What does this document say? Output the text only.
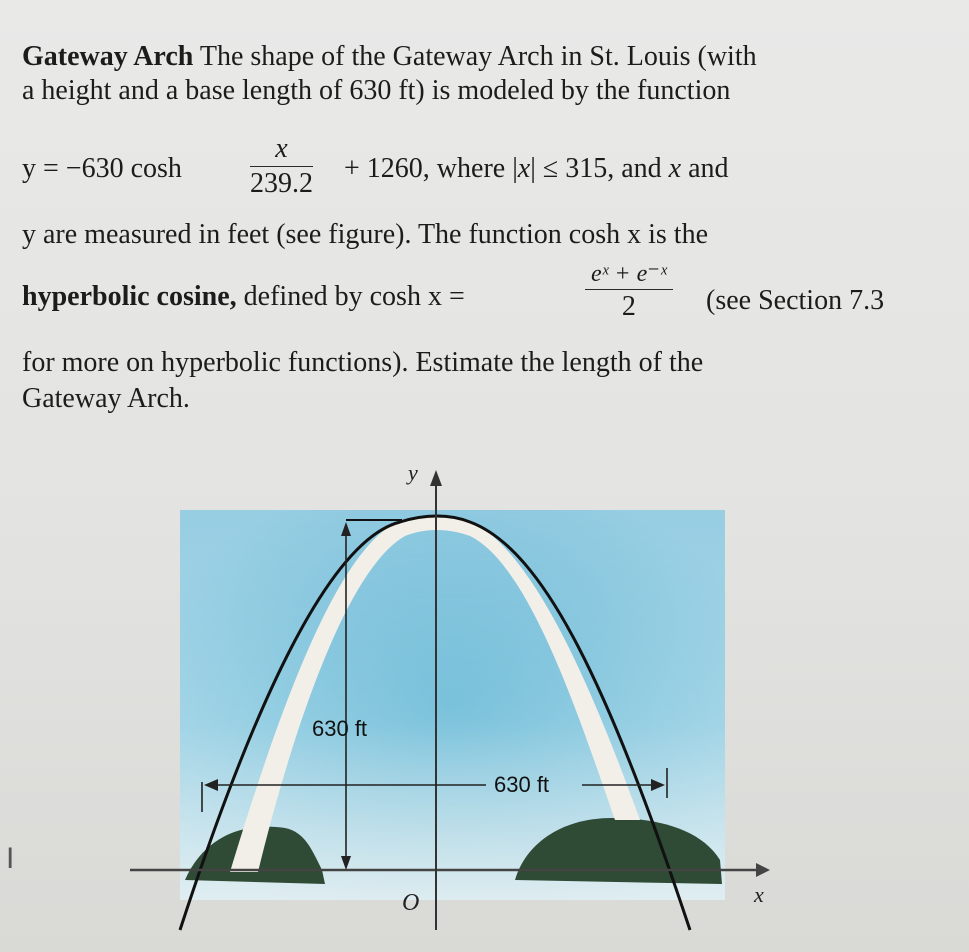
Gateway Arch The shape of the Gateway Arch in St. Louis (with
a height and a base length of 630 ft) is modeled by the function
y = −630 cosh
x
239.2 + 1260, where |x| ≤ 315, and x and
y are measured in feet (see figure). The function cosh x is the
hyperbolic cosine, defined by cosh x =
eˣ + e⁻ˣ
2	(see Section 7.3
for more on hyperbolic functions). Estimate the length of the
Gateway Arch.
I
630 ft
630 ft
y
x
O
